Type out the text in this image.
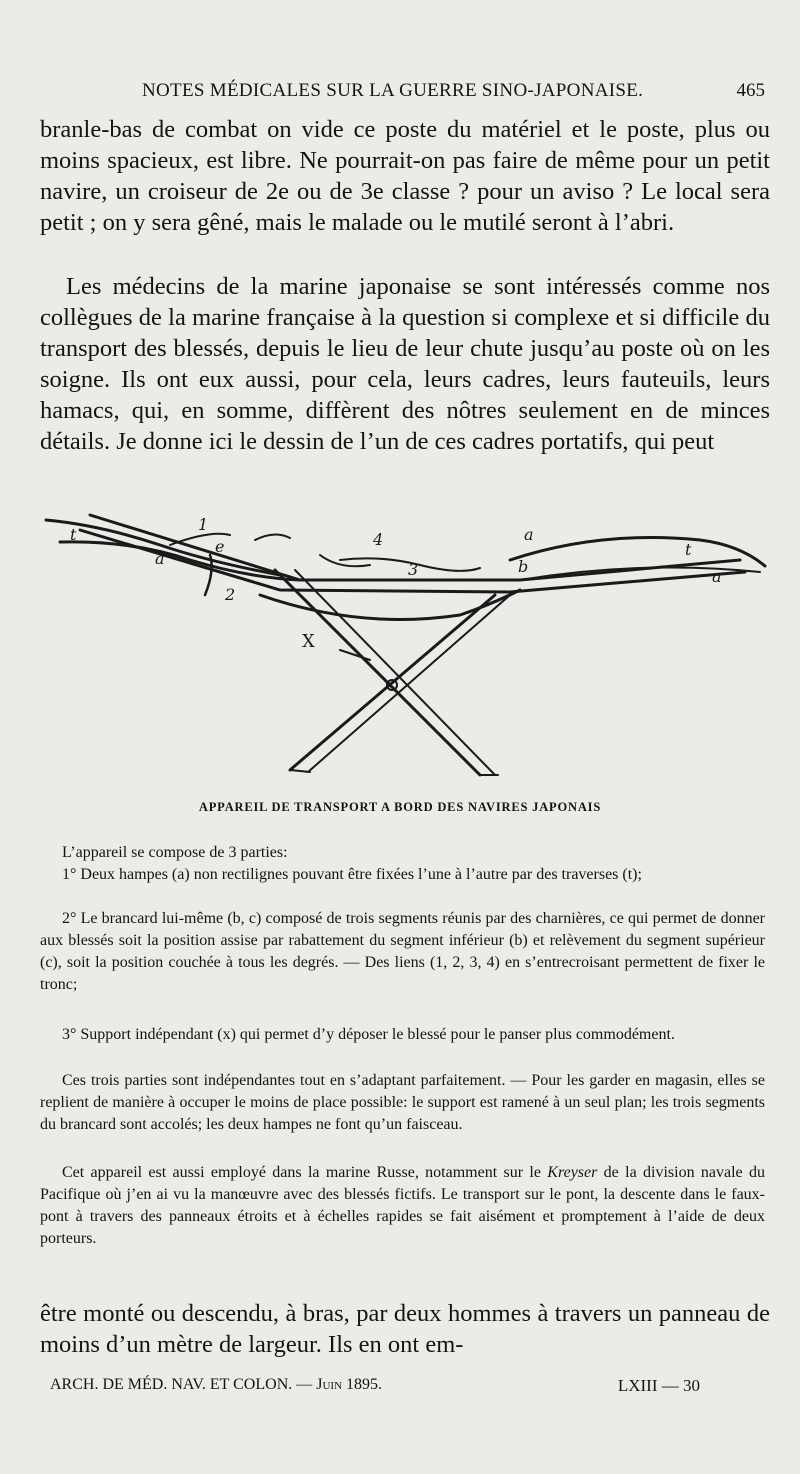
NOTES MÉDICALES SUR LA GUERRE SINO-JAPONAISE.	465

branle-bas de combat on vide ce poste du matériel et le poste, plus ou moins spacieux, est libre. Ne pourrait-on pas faire de même pour un petit navire, un croiseur de 2e ou de 3e classe ? pour un aviso ? Le local sera petit ; on y sera gêné, mais le malade ou le mutilé seront à l’abri.

Les médecins de la marine japonaise se sont intéressés comme nos collègues de la marine française à la question si complexe et si difficile du transport des blessés, depuis le lieu de leur chute jusqu’au poste où on les soigne. Ils ont eux aussi, pour cela, leurs cadres, leurs fauteuils, leurs hamacs, qui, en somme, diffèrent des nôtres seulement en de minces détails. Je donne ici le dessin de l’un de ces cadres portatifs, qui peut

t
a
1
e
2
4
3	b
a
t
a
X
APPAREIL DE TRANSPORT A BORD DES NAVIRES JAPONAIS

L’appareil se compose de 3 parties:

1° Deux hampes (a) non rectilignes pouvant être fixées l’une à l’autre par des traverses (t);

2° Le brancard lui-même (b, c) composé de trois segments réunis par des charnières, ce qui permet de donner aux blessés soit la position assise par rabattement du segment inférieur (b) et relèvement du segment supérieur (c), soit la position couchée à tous les degrés. — Des liens (1, 2, 3, 4) en s’entrecroisant permettent de fixer le tronc;

3° Support indépendant (x) qui permet d’y déposer le blessé pour le panser plus commodément.

Ces trois parties sont indépendantes tout en s’adaptant parfaitement. — Pour les garder en magasin, elles se replient de manière à occuper le moins de place possible: le support est ramené à un seul plan; les trois segments du brancard sont accolés; les deux hampes ne font qu’un faisceau.

Cet appareil est aussi employé dans la marine Russe, notamment sur le Kreyser de la division navale du Pacifique où j’en ai vu la manœuvre avec des blessés fictifs. Le transport sur le pont, la descente dans le faux-pont à travers des panneaux étroits et à échelles rapides se fait aisément et promptement à l’aide de deux porteurs.

être monté ou descendu, à bras, par deux hommes à travers un panneau de moins d’un mètre de largeur. Ils en ont em-

ARCH. DE MÉD. NAV. ET COLON. — Juin 1895.	LXIII — 30
